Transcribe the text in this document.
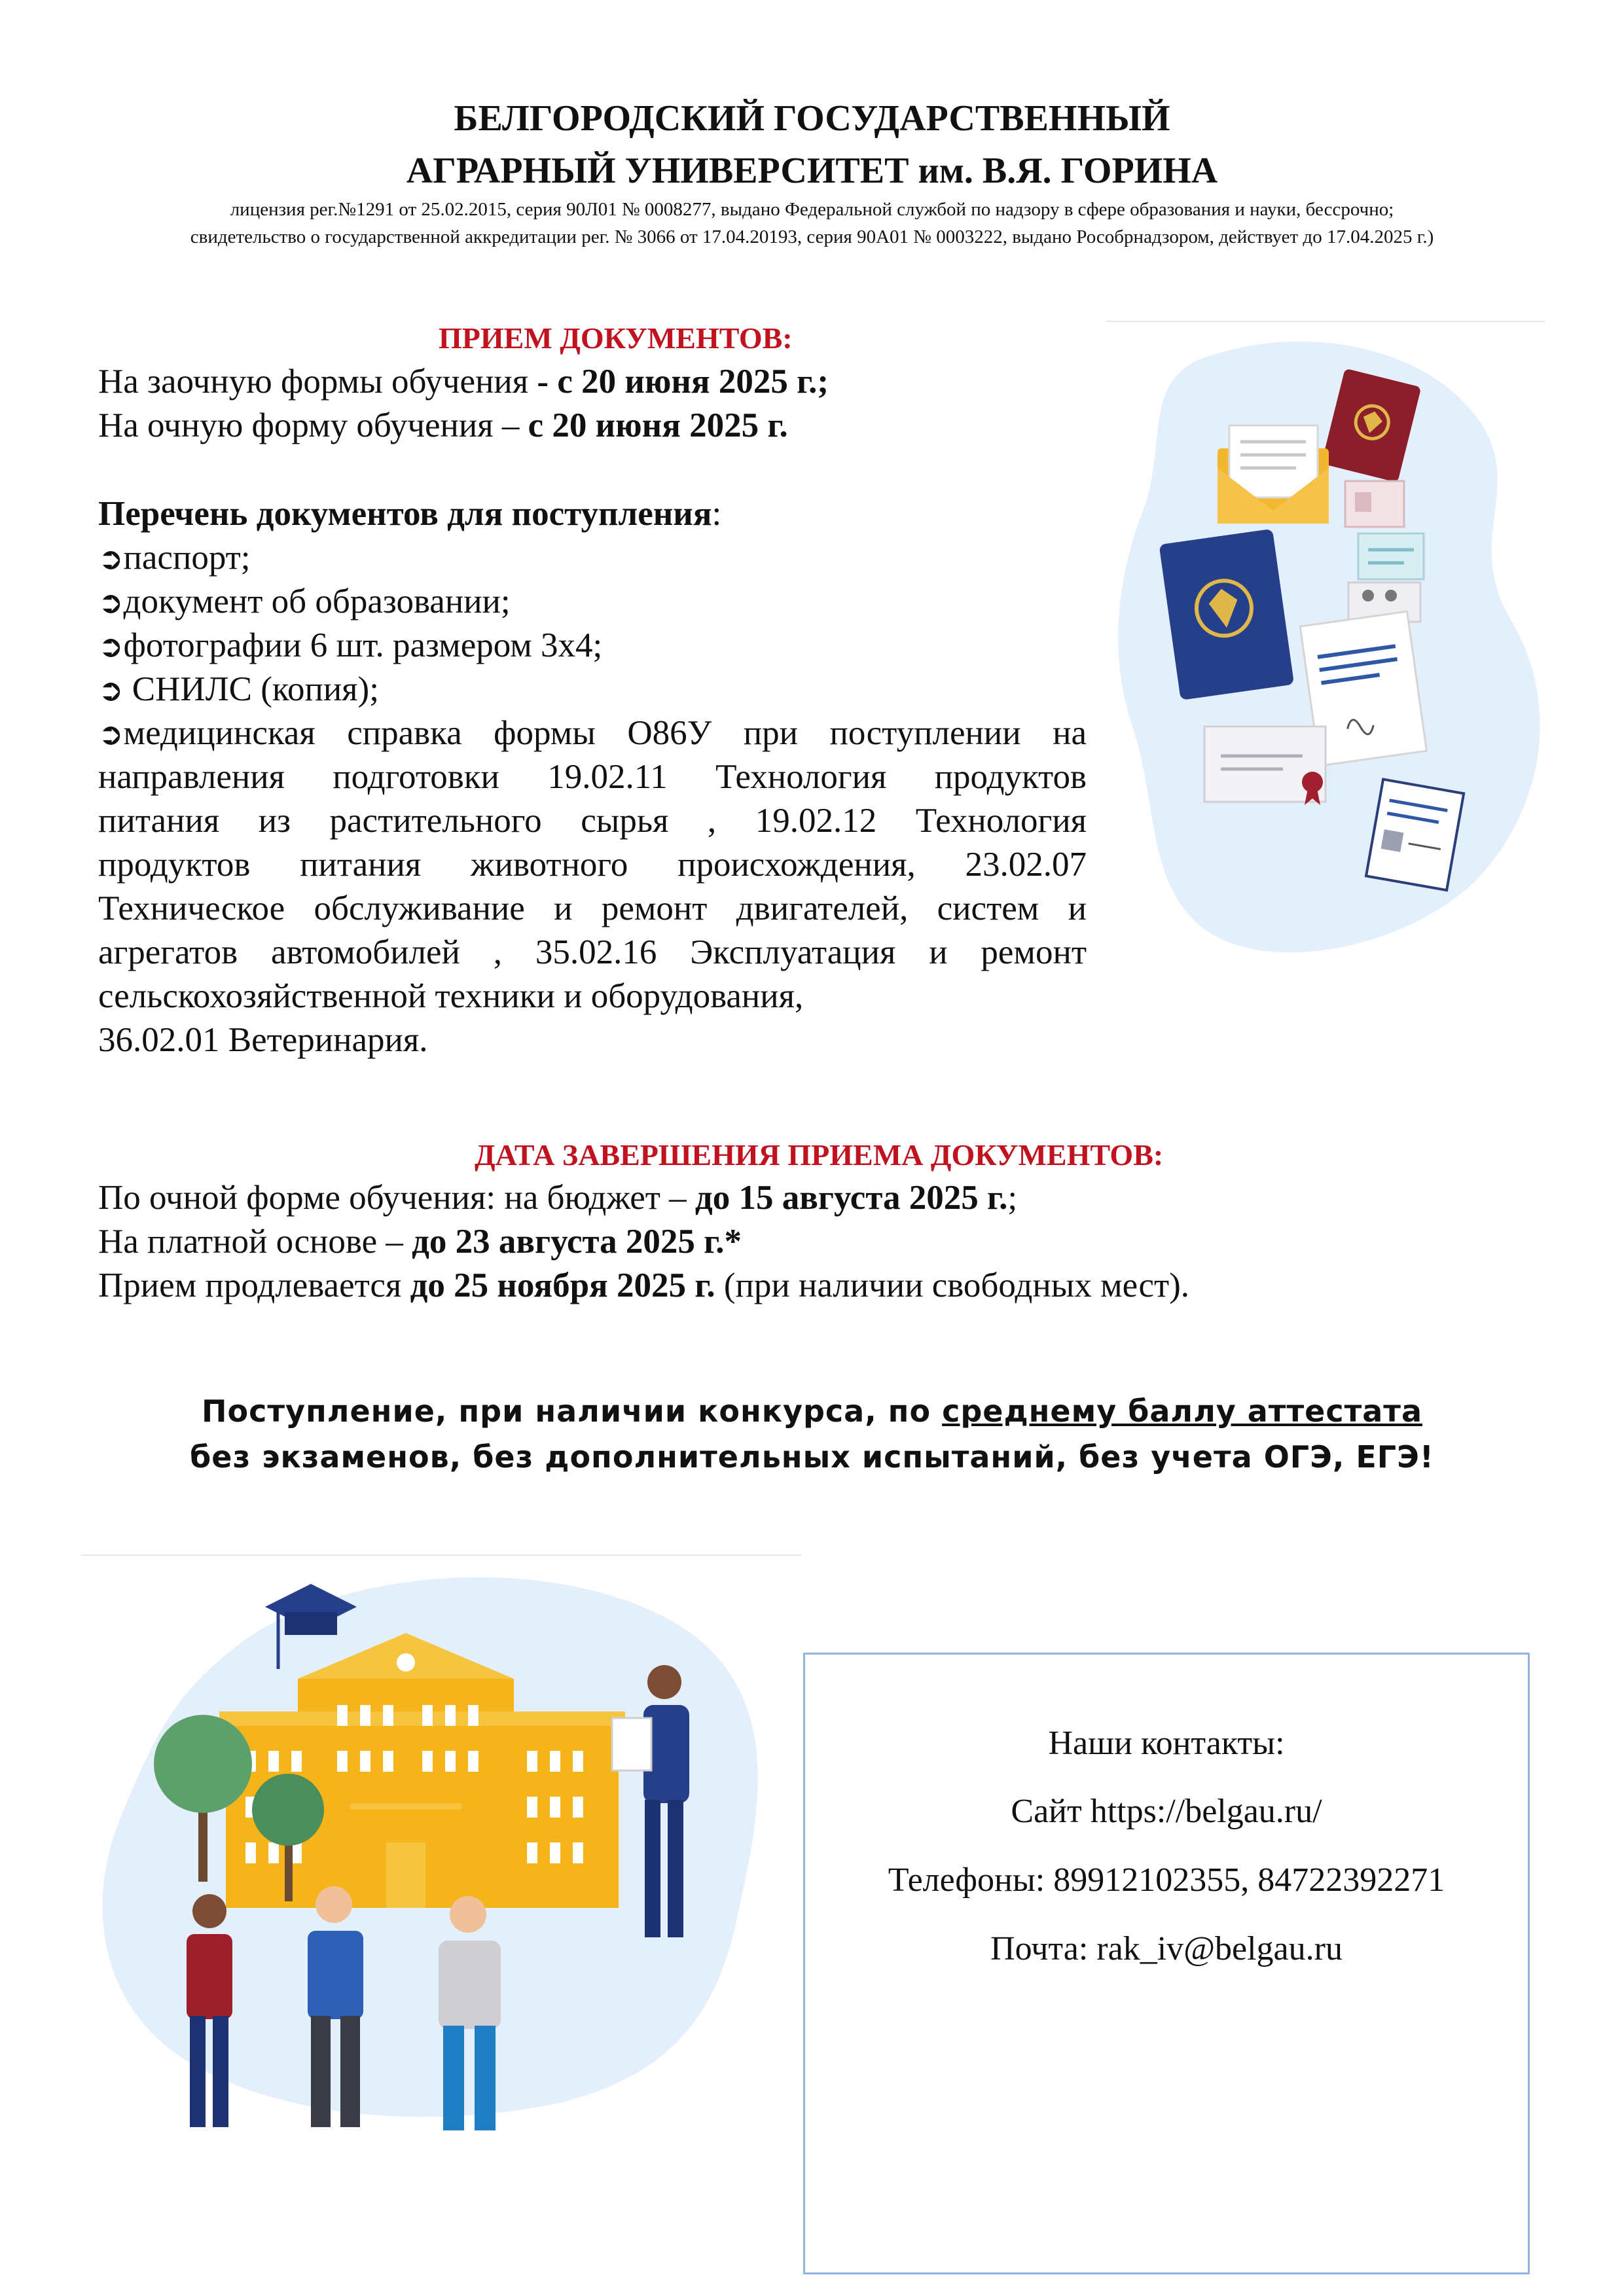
БЕЛГОРОДСКИЙ ГОСУДАРСТВЕННЫЙ
АГРАРНЫЙ УНИВЕРСИТЕТ им. В.Я. ГОРИНА
лицензия рег.№1291 от 25.02.2015, серия 90Л01 № 0008277, выдано Федеральной службой по надзору в сфере образования и науки, бессрочно;
свидетельство о государственной аккредитации рег. № 3066 от 17.04.20193, серия 90А01 № 0003222, выдано Рособрнадзором, действует до 17.04.2025 г.)
ПРИЕМ ДОКУМЕНТОВ:
На заочную формы обучения - с 20 июня 2025 г.;
На очную форму обучения – с 20 июня 2025 г.
Перечень документов для поступления:
➲паспорт;
➲документ об образовании;
➲фотографии 6 шт. размером 3х4;
➲ СНИЛС (копия);
➲медицинская справка формы О86У при поступлении на
направления подготовки 19.02.11 Технология продуктов
питания из растительного сырья , 19.02.12 Технология
продуктов питания животного происхождения, 23.02.07
Техническое обслуживание и ремонт двигателей, систем и
агрегатов автомобилей , 35.02.16 Эксплуатация и ремонт
сельскохозяйственной техники и оборудования,
36.02.01 Ветеринария.
ДАТА ЗАВЕРШЕНИЯ ПРИЕМА ДОКУМЕНТОВ:
По очной форме обучения: на бюджет – до 15 августа 2025 г.;
На платной основе – до 23 августа 2025 г.*
Прием продлевается до 25 ноября 2025 г. (при наличии свободных мест).
Поступление, при наличии конкурса, по среднему баллу аттестата
без экзаменов, без дополнительных испытаний, без учета ОГЭ, ЕГЭ!
Наши контакты:
Сайт https://belgau.ru/
Телефоны: 89912102355, 84722392271
Почта: rak_iv@belgau.ru
